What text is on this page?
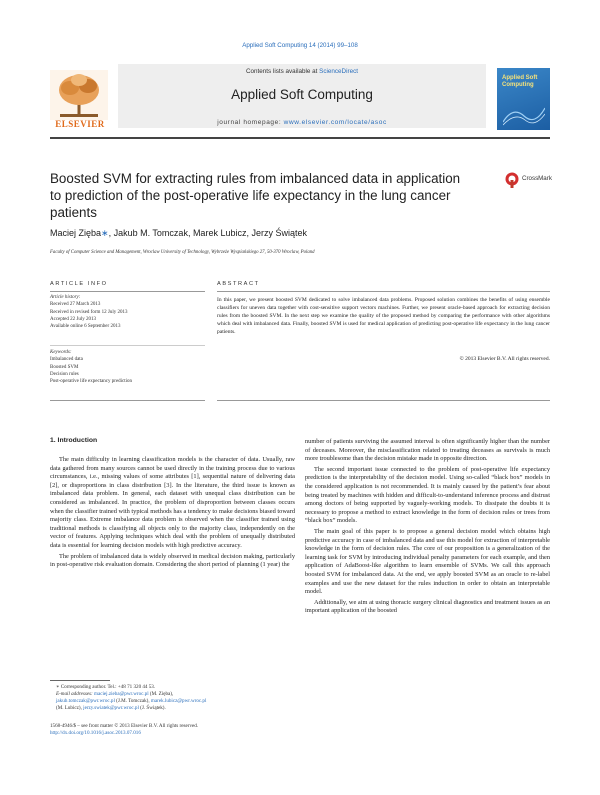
Applied Soft Computing 14 (2014) 99–108
ELSEVIER
Contents lists available at ScienceDirect
Applied Soft Computing
journal homepage: www.elsevier.com/locate/asoc
Applied Soft Computing
Boosted SVM for extracting rules from imbalanced data in application to prediction of the post-operative life expectancy in the lung cancer patients
CrossMark
Maciej Zięba∗, Jakub M. Tomczak, Marek Lubicz, Jerzy Świątek
Faculty of Computer Science and Management, Wroclaw University of Technology, Wybrzeże Wyspiańskiego 27, 50-370 Wroclaw, Poland
ARTICLE INFO
Article history:
Received 27 March 2013
Received in revised form 12 July 2013
Accepted 22 July 2013
Available online 6 September 2013
Keywords:
Imbalanced data
Boosted SVM
Decision rules
Post-operative life expectancy prediction
ABSTRACT
In this paper, we present boosted SVM dedicated to solve imbalanced data problems. Proposed solution combines the benefits of using ensemble classifiers for uneven data together with cost-sensitive support vectors machines. Further, we present oracle-based approach for extracting decision rules from the boosted SVM. In the next step we examine the quality of the proposed method by comparing the performance with other algorithms which deal with imbalanced data. Finally, boosted SVM is used for medical application of predicting post-operative life expectancy in the lung cancer patients.
© 2013 Elsevier B.V. All rights reserved.
1. Introduction

The main difficulty in learning classification models is the character of data. Usually, raw data gathered from many sources cannot be used directly in the training process due to various circumstances, i.e., missing values of some attributes [1], sequential nature of delivering data [2], or disproportions in class distribution [3]. In the literature, the third issue is known as imbalanced data problem. In general, each dataset with unequal class distribution can be considered as imbalanced. In practice, the problem of disproportion between classes occurs when the classifier trained with typical methods has a tendency to make decisions biased toward majority class. Extreme imbalance data problem is observed when the classifier trained using traditional methods is classifying all objects only to the majority class, independently on the vector of features. Applying techniques which deal with the problem of unequally distributed data is essential for learning decision models with high predictive accuracy.

The problem of imbalanced data is widely observed in medical decision making, particularly in post-operative risk evaluation domain. Considering the short period of planning (1 year) the

number of patients surviving the assumed interval is often significantly higher than the number of deceases. Moreover, the misclassification related to treating deceases as survivals is much more troublesome than the decision mistake made in opposite direction.

The second important issue connected to the problem of post-operative life expectancy prediction is the interpretability of the decision model. Using so-called “black box” models in the considered application is not recommended. It is mainly caused by the patient’s fear about being treated by machines with hidden and difficult-to-understand inference process and distrust among doctors of being supported by vaguely-working models. To dissipate the doubts it is necessary to propose a method to extract knowledge in the form of decision rules or trees from “black box” models.

The main goal of this paper is to propose a general decision model which obtains high predictive accuracy in case of imbalanced data and use this model for extraction of interpretable knowledge in the form of decision rules. The core of our proposition is a generalization of the learning task for SVM by introducing individual penalty parameters for each example, and then application of AdaBoost-like algorithm to learn ensemble of SVMs. We call this approach boosted SVM for imbalanced data. At the end, we apply boosted SVM as an oracle to re-label examples and use the new dataset for the rules induction in order to obtain an interpretable model.

Additionally, we aim at using thoracic surgery clinical diagnostics and treatment issues as an important application of the boosted

∗ Corresponding author. Tel.: +48 71 320 44 53.
E-mail addresses: maciej.zieba@pwr.wroc.pl (M. Zięba),
jakub.tomczak@pwr.wroc.pl (J.M. Tomczak), marek.lubicz@pwr.wroc.pl
(M. Lubicz), jerzy.swiatek@pwr.wroc.pl (J. Świątek).
1568-4946/$ – see front matter © 2013 Elsevier B.V. All rights reserved.
http://dx.doi.org/10.1016/j.asoc.2013.07.016
